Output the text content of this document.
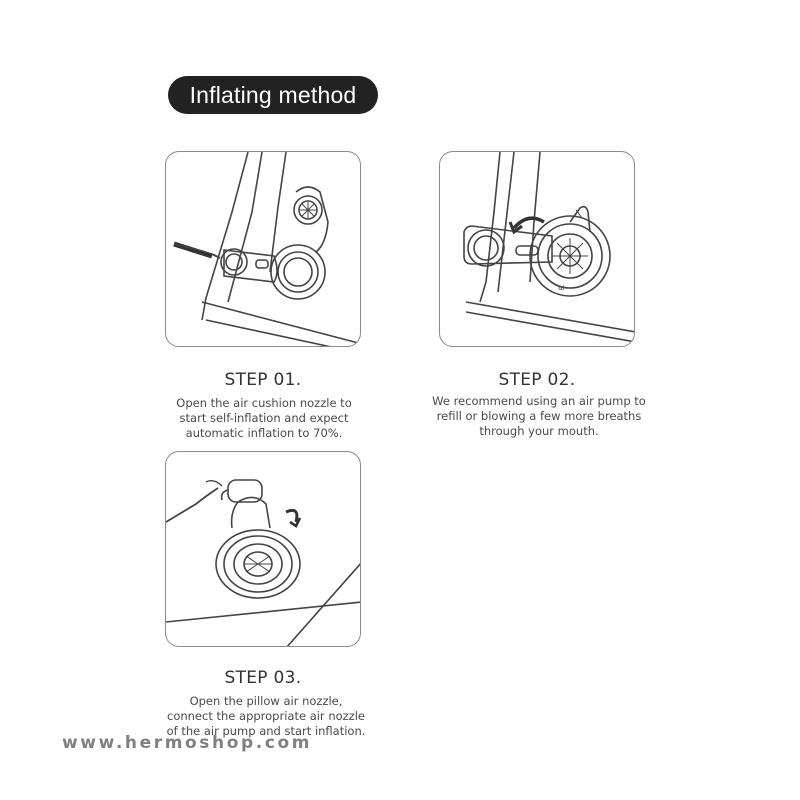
Inflating method
ω
STEP 01.
Open the air cushion nozzle to
start self-inflation and expect
automatic inflation to 70%.
STEP 02.
We recommend using an air pump to
refill or blowing a few more breaths
through your mouth.
STEP 03.
Open the pillow air nozzle,
connect the appropriate air nozzle
of the air pump and start inflation.
www.hermoshop.com
